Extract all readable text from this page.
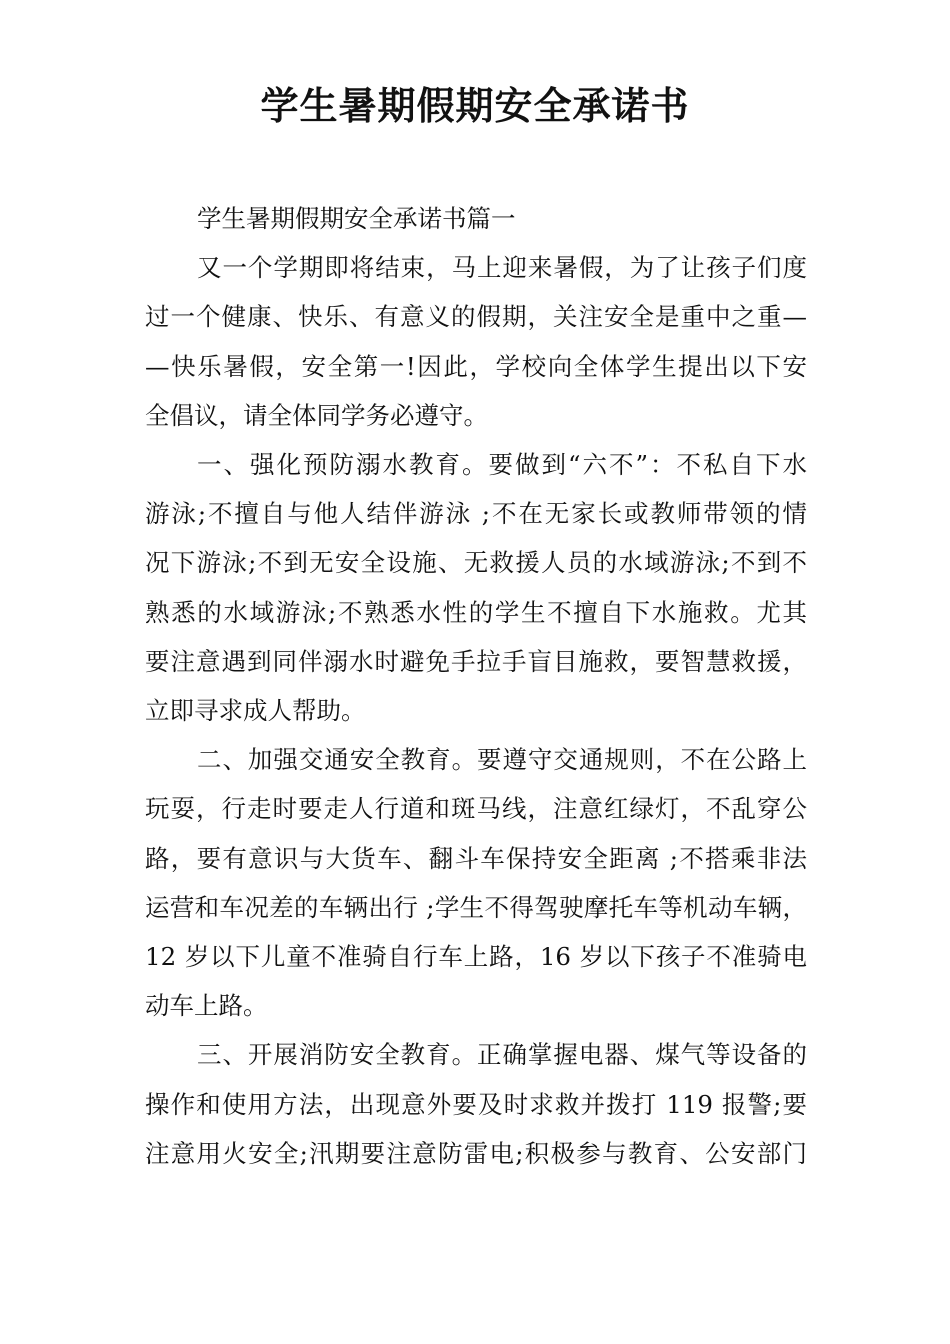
学生暑期假期安全承诺书
学生暑期假期安全承诺书篇一
又一个学期即将结束，马上迎来暑假，为了让孩子们度
过一个健康、快乐、有意义的假期，关注安全是重中之重—
—快乐暑假，安全第一!因此，学校向全体学生提出以下安
全倡议，请全体同学务必遵守。
一、强化预防溺水教育。要做到“六不”：不私自下水
游泳;不擅自与他人结伴游泳 ;不在无家长或教师带领的情
况下游泳;不到无安全设施、无救援人员的水域游泳;不到不
熟悉的水域游泳;不熟悉水性的学生不擅自下水施救。尤其
要注意遇到同伴溺水时避免手拉手盲目施救，要智慧救援，
立即寻求成人帮助。
二、加强交通安全教育。要遵守交通规则，不在公路上
玩耍，行走时要走人行道和斑马线，注意红绿灯，不乱穿公
路，要有意识与大货车、翻斗车保持安全距离 ;不搭乘非法
运营和车况差的车辆出行 ;学生不得驾驶摩托车等机动车辆，
12 岁以下儿童不准骑自行车上路，16 岁以下孩子不准骑电
动车上路。
三、开展消防安全教育。正确掌握电器、煤气等设备的
操作和使用方法，出现意外要及时求救并拨打 119 报警;要
注意用火安全;汛期要注意防雷电;积极参与教育、公安部门
